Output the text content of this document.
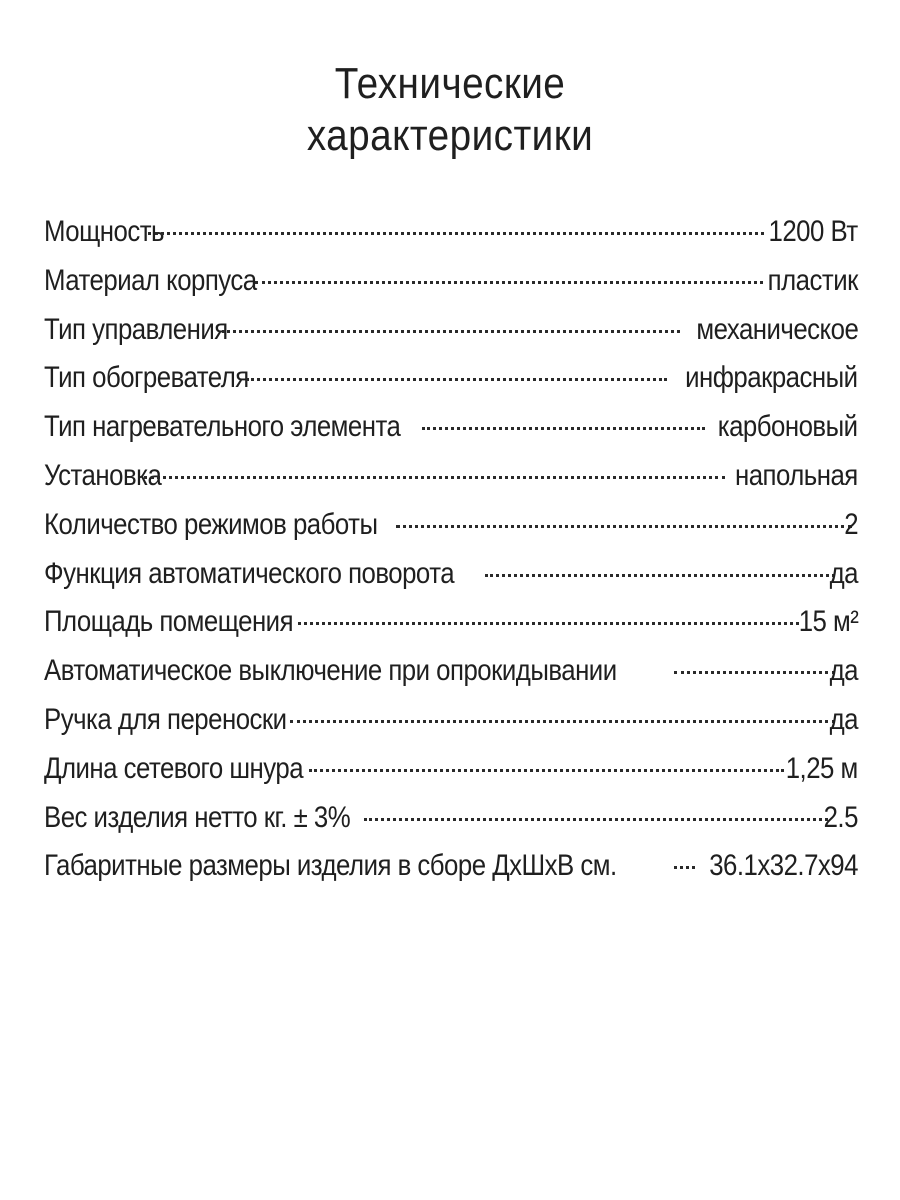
Технические
характеристики
Мощность	1200 Вт
Материал корпуса	пластик
Тип управления	механическое
Тип обогревателя	инфракрасный
Тип нагревательного элемента	карбоновый
Установка	напольная
Количество режимов работы	2
Функция автоматического поворота	да
Площадь помещения	15 м²
Автоматическое выключение при опрокидывании	да
Ручка для переноски	да
Длина сетевого шнура	1,25 м
Вес изделия нетто кг. ± 3%	2.5
Габаритные размеры изделия в сборе ДхШхВ см.	36.1х32.7х94
